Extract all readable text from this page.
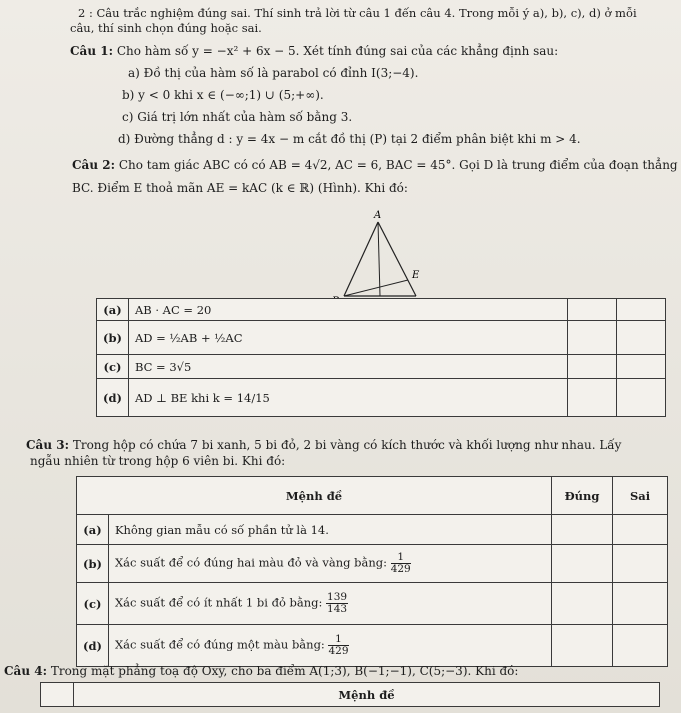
2 : Câu trắc nghiệm đúng sai. Thí sinh trả lời từ câu 1 đến câu 4. Trong mỗi ý a), b), c), d) ở mỗi
câu, thí sinh chọn đúng hoặc sai.
Câu 1: Cho hàm số y = −x² + 6x − 5. Xét tính đúng sai của các khẳng định sau:
a) Đồ thị của hàm số là parabol có đỉnh I(3;−4).
b) y < 0 khi x ∈ (−∞;1) ∪ (5;+∞).
c) Giá trị lớn nhất của hàm số bằng 3.
d) Đường thẳng d : y = 4x − m cắt đồ thị (P) tại 2 điểm phân biệt khi m > 4.
Câu 2: Cho tam giác ABC có có AB = 4√2, AC = 6, BAC = 45°. Gọi D là trung điểm của đoạn thẳng
BC. Điểm E thoả mãn AE = kAC (k ∈ ℝ) (Hình). Khi đó:
A
E
(a)	AB · AC = 20		
(b)	AD = ½AB + ½AC		
(c)	BC = 3√5		
(d)	AD ⊥ BE khi k = 14/15		
Câu 3: Trong hộp có chứa 7 bi xanh, 5 bi đỏ, 2 bi vàng có kích thước và khối lượng như nhau. Lấy
ngẫu nhiên từ trong hộp 6 viên bi. Khi đó:
Mệnh đề		Đúng	Sai
(a)	Không gian mẫu có số phần tử là 14.		
(b)	Xác suất để có đúng hai màu đỏ và vàng bằng: $\frac{1}{429}$

(c)	Xác suất để có ít nhất 1 bi đỏ bằng: $\frac{139}{143}$

(d)	Xác suất để có đúng một màu bằng: $\frac{1}{429}$

Câu 4: Trong mặt phẳng toạ độ Oxy, cho ba điểm A(1;3), B(−1;−1), C(5;−3). Khi đó:
	Mệnh đề
